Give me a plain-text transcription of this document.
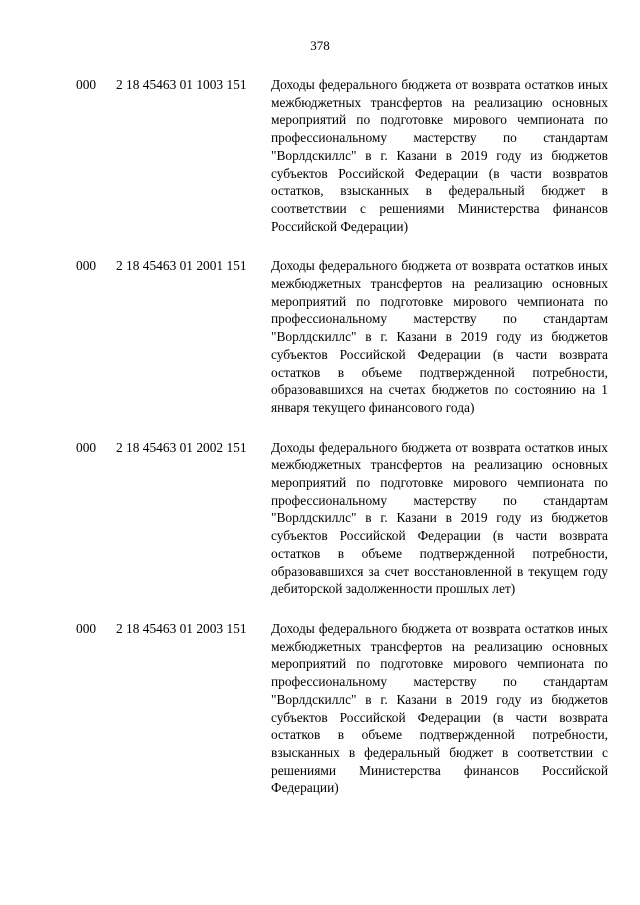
378
000	2 18 45463 01 1003 151	Доходы федерального бюджета от возврата остатков иных межбюджетных трансфертов на реализацию основных мероприятий по подготовке мирового чемпионата по профессиональному мастерству по стандартам "Ворлдскиллс" в г. Казани в 2019 году из бюджетов субъектов Российской Федерации (в части возвратов остатков, взысканных в федеральный бюджет в соответствии с решениями Министерства финансов Российской Федерации)
000	2 18 45463 01 2001 151	Доходы федерального бюджета от возврата остатков иных межбюджетных трансфертов на реализацию основных мероприятий по подготовке мирового чемпионата по профессиональному мастерству по стандартам "Ворлдскиллс" в г. Казани в 2019 году из бюджетов субъектов Российской Федерации (в части возврата остатков в объеме подтвержденной потребности, образовавшихся на счетах бюджетов по состоянию на 1 января текущего финансового года)
000	2 18 45463 01 2002 151	Доходы федерального бюджета от возврата остатков иных межбюджетных трансфертов на реализацию основных мероприятий по подготовке мирового чемпионата по профессиональному мастерству по стандартам "Ворлдскиллс" в г. Казани в 2019 году из бюджетов субъектов Российской Федерации (в части возврата остатков в объеме подтвержденной потребности, образовавшихся за счет восстановленной в текущем году дебиторской задолженности прошлых лет)
000	2 18 45463 01 2003 151	Доходы федерального бюджета от возврата остатков иных межбюджетных трансфертов на реализацию основных мероприятий по подготовке мирового чемпионата по профессиональному мастерству по стандартам "Ворлдскиллс" в г. Казани в 2019 году из бюджетов субъектов Российской Федерации (в части возврата остатков в объеме подтвержденной потребности, взысканных в федеральный бюджет в соответствии с решениями Министерства финансов Российской Федерации)
